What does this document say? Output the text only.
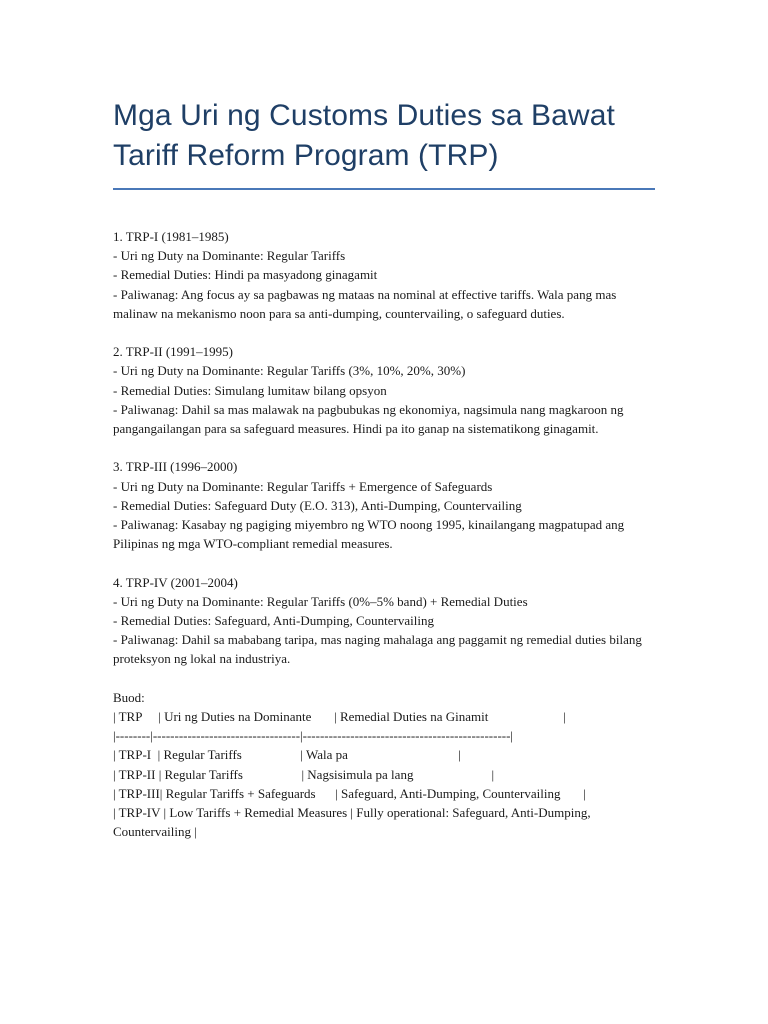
Mga Uri ng Customs Duties sa Bawat Tariff Reform Program (TRP)
1. TRP-I (1981–1985)
- Uri ng Duty na Dominante: Regular Tariffs
- Remedial Duties: Hindi pa masyadong ginagamit
- Paliwanag: Ang focus ay sa pagbawas ng mataas na nominal at effective tariffs. Wala pang mas malinaw na mekanismo noon para sa anti-dumping, countervailing, o safeguard duties.
2. TRP-II (1991–1995)
- Uri ng Duty na Dominante: Regular Tariffs (3%, 10%, 20%, 30%)
- Remedial Duties: Simulang lumitaw bilang opsyon
- Paliwanag: Dahil sa mas malawak na pagbubukas ng ekonomiya, nagsimula nang magkaroon ng pangangailangan para sa safeguard measures. Hindi pa ito ganap na sistematikong ginagamit.
3. TRP-III (1996–2000)
- Uri ng Duty na Dominante: Regular Tariffs + Emergence of Safeguards
- Remedial Duties: Safeguard Duty (E.O. 313), Anti-Dumping, Countervailing
- Paliwanag: Kasabay ng pagiging miyembro ng WTO noong 1995, kinailangang magpatupad ang Pilipinas ng mga WTO-compliant remedial measures.
4. TRP-IV (2001–2004)
- Uri ng Duty na Dominante: Regular Tariffs (0%–5% band) + Remedial Duties
- Remedial Duties: Safeguard, Anti-Dumping, Countervailing
- Paliwanag: Dahil sa mababang taripa, mas naging mahalaga ang paggamit ng remedial duties bilang proteksyon ng lokal na industriya.
Buod:
| TRP     | Uri ng Duties na Dominante       | Remedial Duties na Ginamit                       |
|--------|----------------------------------|------------------------------------------------|
| TRP-I  | Regular Tariffs                  | Wala pa                                  |
| TRP-II | Regular Tariffs                  | Nagsisimula pa lang                        |
| TRP-III| Regular Tariffs + Safeguards      | Safeguard, Anti-Dumping, Countervailing       |
| TRP-IV | Low Tariffs + Remedial Measures | Fully operational: Safeguard, Anti-Dumping, Countervailing |
